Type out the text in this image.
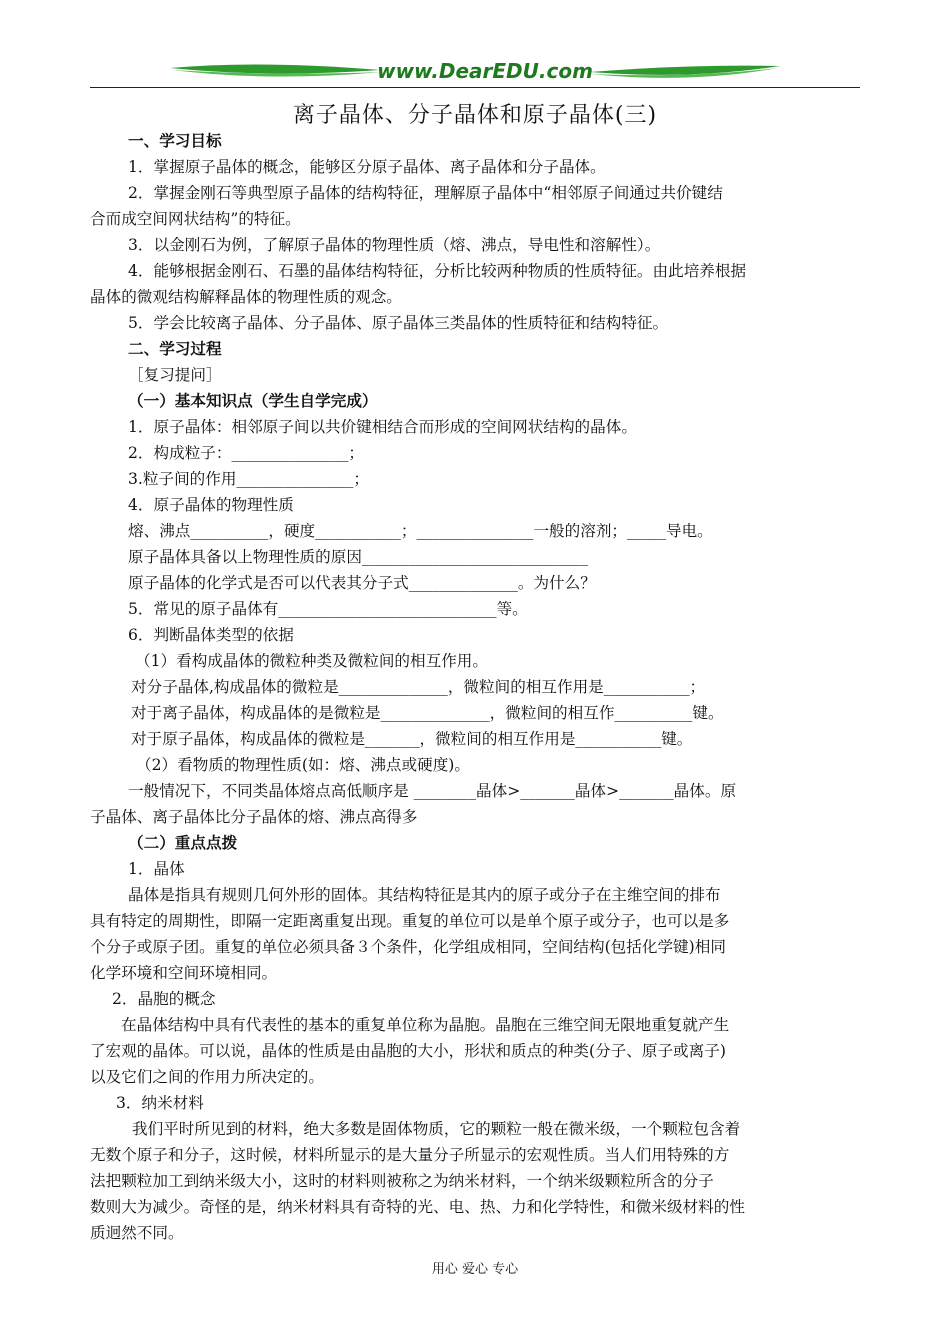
www.DearEDU.com
离子晶体、分子晶体和原子晶体(三)
一、学习目标
1．掌握原子晶体的概念，能够区分原子晶体、离子晶体和分子晶体。
2．掌握金刚石等典型原子晶体的结构特征，理解原子晶体中“相邻原子间通过共价键结
合而成空间网状结构”的特征。
3．以金刚石为例，了解原子晶体的物理性质（熔、沸点，导电性和溶解性）。
4．能够根据金刚石、石墨的晶体结构特征，分析比较两种物质的性质特征。由此培养根据
晶体的微观结构解释晶体的物理性质的观念。
5．学会比较离子晶体、分子晶体、原子晶体三类晶体的性质特征和结构特征。
二、学习过程
［复习提问］
（一）基本知识点（学生自学完成）
1．原子晶体：相邻原子间以共价键相结合而形成的空间网状结构的晶体。
2．构成粒子：_______________；
3.粒子间的作用_______________；
4．原子晶体的物理性质
熔、沸点__________，硬度___________；_______________一般的溶剂；_____导电。
原子晶体具备以上物理性质的原因_____________________________
原子晶体的化学式是否可以代表其分子式______________。为什么？
5．常见的原子晶体有____________________________等。
6．判断晶体类型的依据
（1）看构成晶体的微粒种类及微粒间的相互作用。
对分子晶体,构成晶体的微粒是______________，微粒间的相互作用是___________；
对于离子晶体，构成晶体的是微粒是______________，微粒间的相互作__________键。
对于原子晶体，构成晶体的微粒是_______，微粒间的相互作用是___________键。
（2）看物质的物理性质(如：熔、沸点或硬度)。
一般情况下，不同类晶体熔点高低顺序是 ________晶体>_______晶体>_______晶体。原
子晶体、离子晶体比分子晶体的熔、沸点高得多
（二）重点点拨
1．晶体
晶体是指具有规则几何外形的固体。其结构特征是其内的原子或分子在主维空间的排布
具有特定的周期性，即隔一定距离重复出现。重复的单位可以是单个原子或分子，也可以是多
个分子或原子团。重复的单位必须具备３个条件，化学组成相同，空间结构(包括化学键)相同
化学环境和空间环境相同。
2．晶胞的概念
在晶体结构中具有代表性的基本的重复单位称为晶胞。晶胞在三维空间无限地重复就产生
了宏观的晶体。可以说，晶体的性质是由晶胞的大小，形状和质点的种类(分子、原子或离子)
以及它们之间的作用力所决定的。
3．纳米材料
我们平时所见到的材料，绝大多数是固体物质，它的颗粒一般在微米级，一个颗粒包含着
无数个原子和分子，这时候，材料所显示的是大量分子所显示的宏观性质。当人们用特殊的方
法把颗粒加工到纳米级大小，这时的材料则被称之为纳米材料，一个纳米级颗粒所含的分子
数则大为减少。奇怪的是，纳米材料具有奇特的光、电、热、力和化学特性，和微米级材料的性
质迥然不同。
用心 爱心 专心
